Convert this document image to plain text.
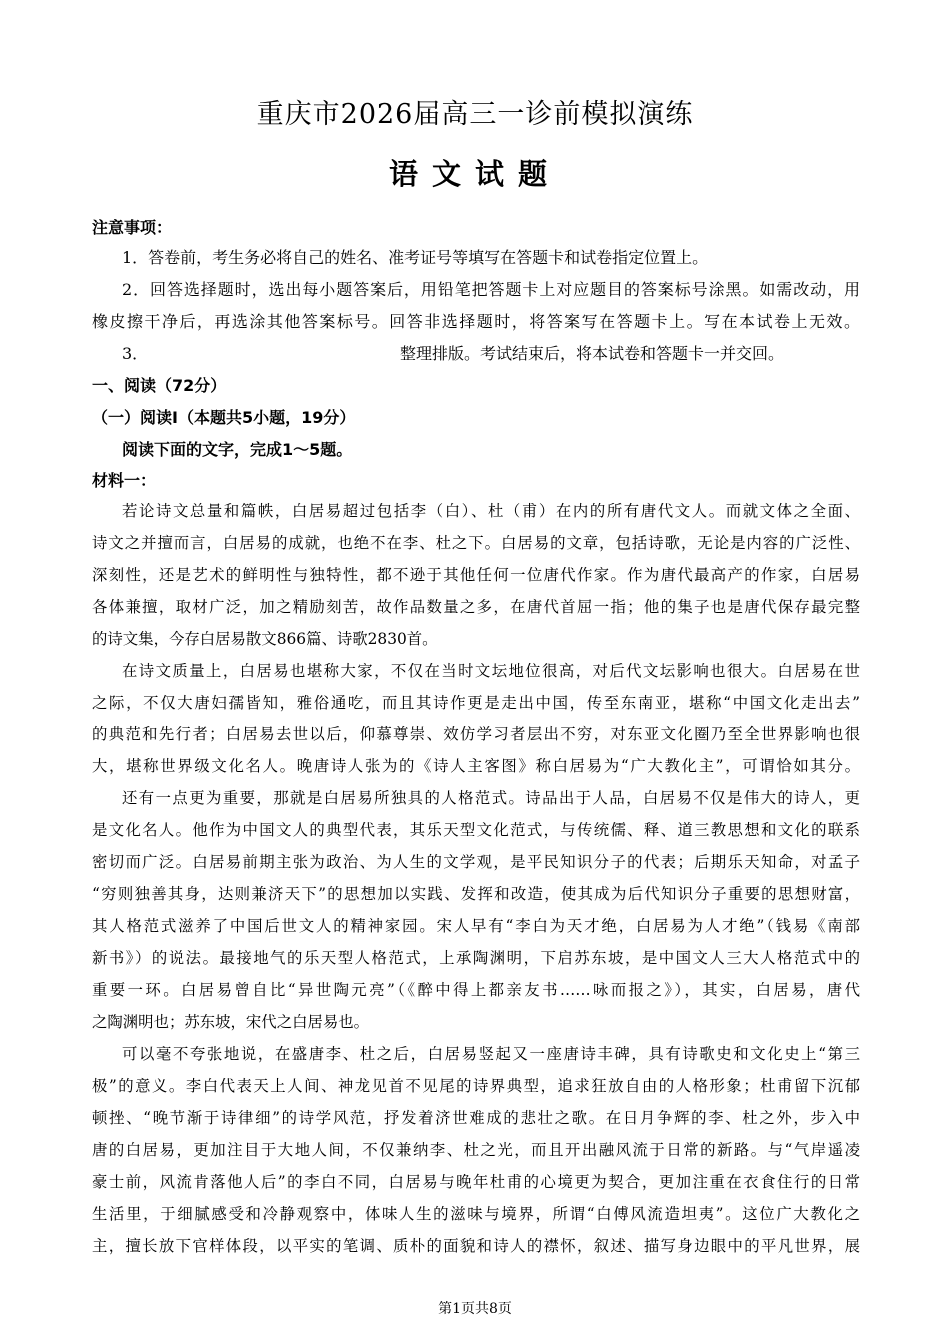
重庆市2026届高三一诊前模拟演练
语文试题
注意事项：
1．答卷前，考生务必将自己的姓名、准考证号等填写在答题卡和试卷指定位置上。
2．回答选择题时，选出每小题答案后，用铅笔把答题卡上对应题目的答案标号涂黑。如需改动，用
橡皮擦干净后，再选涂其他答案标号。回答非选择题时，将答案写在答题卡上。写在本试卷上无效。
3．	整理排版。考试结束后，将本试卷和答题卡一并交回。
一、阅读（72分）
（一）阅读Ⅰ（本题共5小题，19分）
阅读下面的文字，完成1～5题。
材料一：
若论诗文总量和篇帙，白居易超过包括李（白）、杜（甫）在内的所有唐代文人。而就文体之全面、
诗文之并擅而言，白居易的成就，也绝不在李、杜之下。白居易的文章，包括诗歌，无论是内容的广泛性、
深刻性，还是艺术的鲜明性与独特性，都不逊于其他任何一位唐代作家。作为唐代最高产的作家，白居易
各体兼擅，取材广泛，加之精励刻苦，故作品数量之多，在唐代首屈一指；他的集子也是唐代保存最完整
的诗文集，今存白居易散文866篇、诗歌2830首。
在诗文质量上，白居易也堪称大家，不仅在当时文坛地位很高，对后代文坛影响也很大。白居易在世
之际，不仅大唐妇孺皆知，雅俗通吃，而且其诗作更是走出中国，传至东南亚，堪称“中国文化走出去”
的典范和先行者；白居易去世以后，仰慕尊崇、效仿学习者层出不穷，对东亚文化圈乃至全世界影响也很
大，堪称世界级文化名人。晚唐诗人张为的《诗人主客图》称白居易为“广大教化主”，可谓恰如其分。
还有一点更为重要，那就是白居易所独具的人格范式。诗品出于人品，白居易不仅是伟大的诗人，更
是文化名人。他作为中国文人的典型代表，其乐天型文化范式，与传统儒、释、道三教思想和文化的联系
密切而广泛。白居易前期主张为政治、为人生的文学观，是平民知识分子的代表；后期乐天知命，对孟子
“穷则独善其身，达则兼济天下”的思想加以实践、发挥和改造，使其成为后代知识分子重要的思想财富，
其人格范式滋养了中国后世文人的精神家园。宋人早有“李白为天才绝，白居易为人才绝”（钱易《南部
新书》）的说法。最接地气的乐天型人格范式，上承陶渊明，下启苏东坡，是中国文人三大人格范式中的
重要一环。白居易曾自比“异世陶元亮”（《醉中得上都亲友书……咏而报之》），其实，白居易，唐代
之陶渊明也；苏东坡，宋代之白居易也。
可以毫不夸张地说，在盛唐李、杜之后，白居易竖起又一座唐诗丰碑，具有诗歌史和文化史上“第三
极”的意义。李白代表天上人间、神龙见首不见尾的诗界典型，追求狂放自由的人格形象；杜甫留下沉郁
顿挫、“晚节渐于诗律细”的诗学风范，抒发着济世难成的悲壮之歌。在日月争辉的李、杜之外，步入中
唐的白居易，更加注目于大地人间，不仅兼纳李、杜之光，而且开出融风流于日常的新路。与“气岸遥凌
豪士前，风流肯落他人后”的李白不同，白居易与晚年杜甫的心境更为契合，更加注重在衣食住行的日常
生活里，于细腻感受和冷静观察中，体味人生的滋味与境界，所谓“白傅风流造坦夷”。这位广大教化之
主，擅长放下官样体段，以平实的笔调、质朴的面貌和诗人的襟怀，叙述、描写身边眼中的平凡世界，展
第1页共8页
